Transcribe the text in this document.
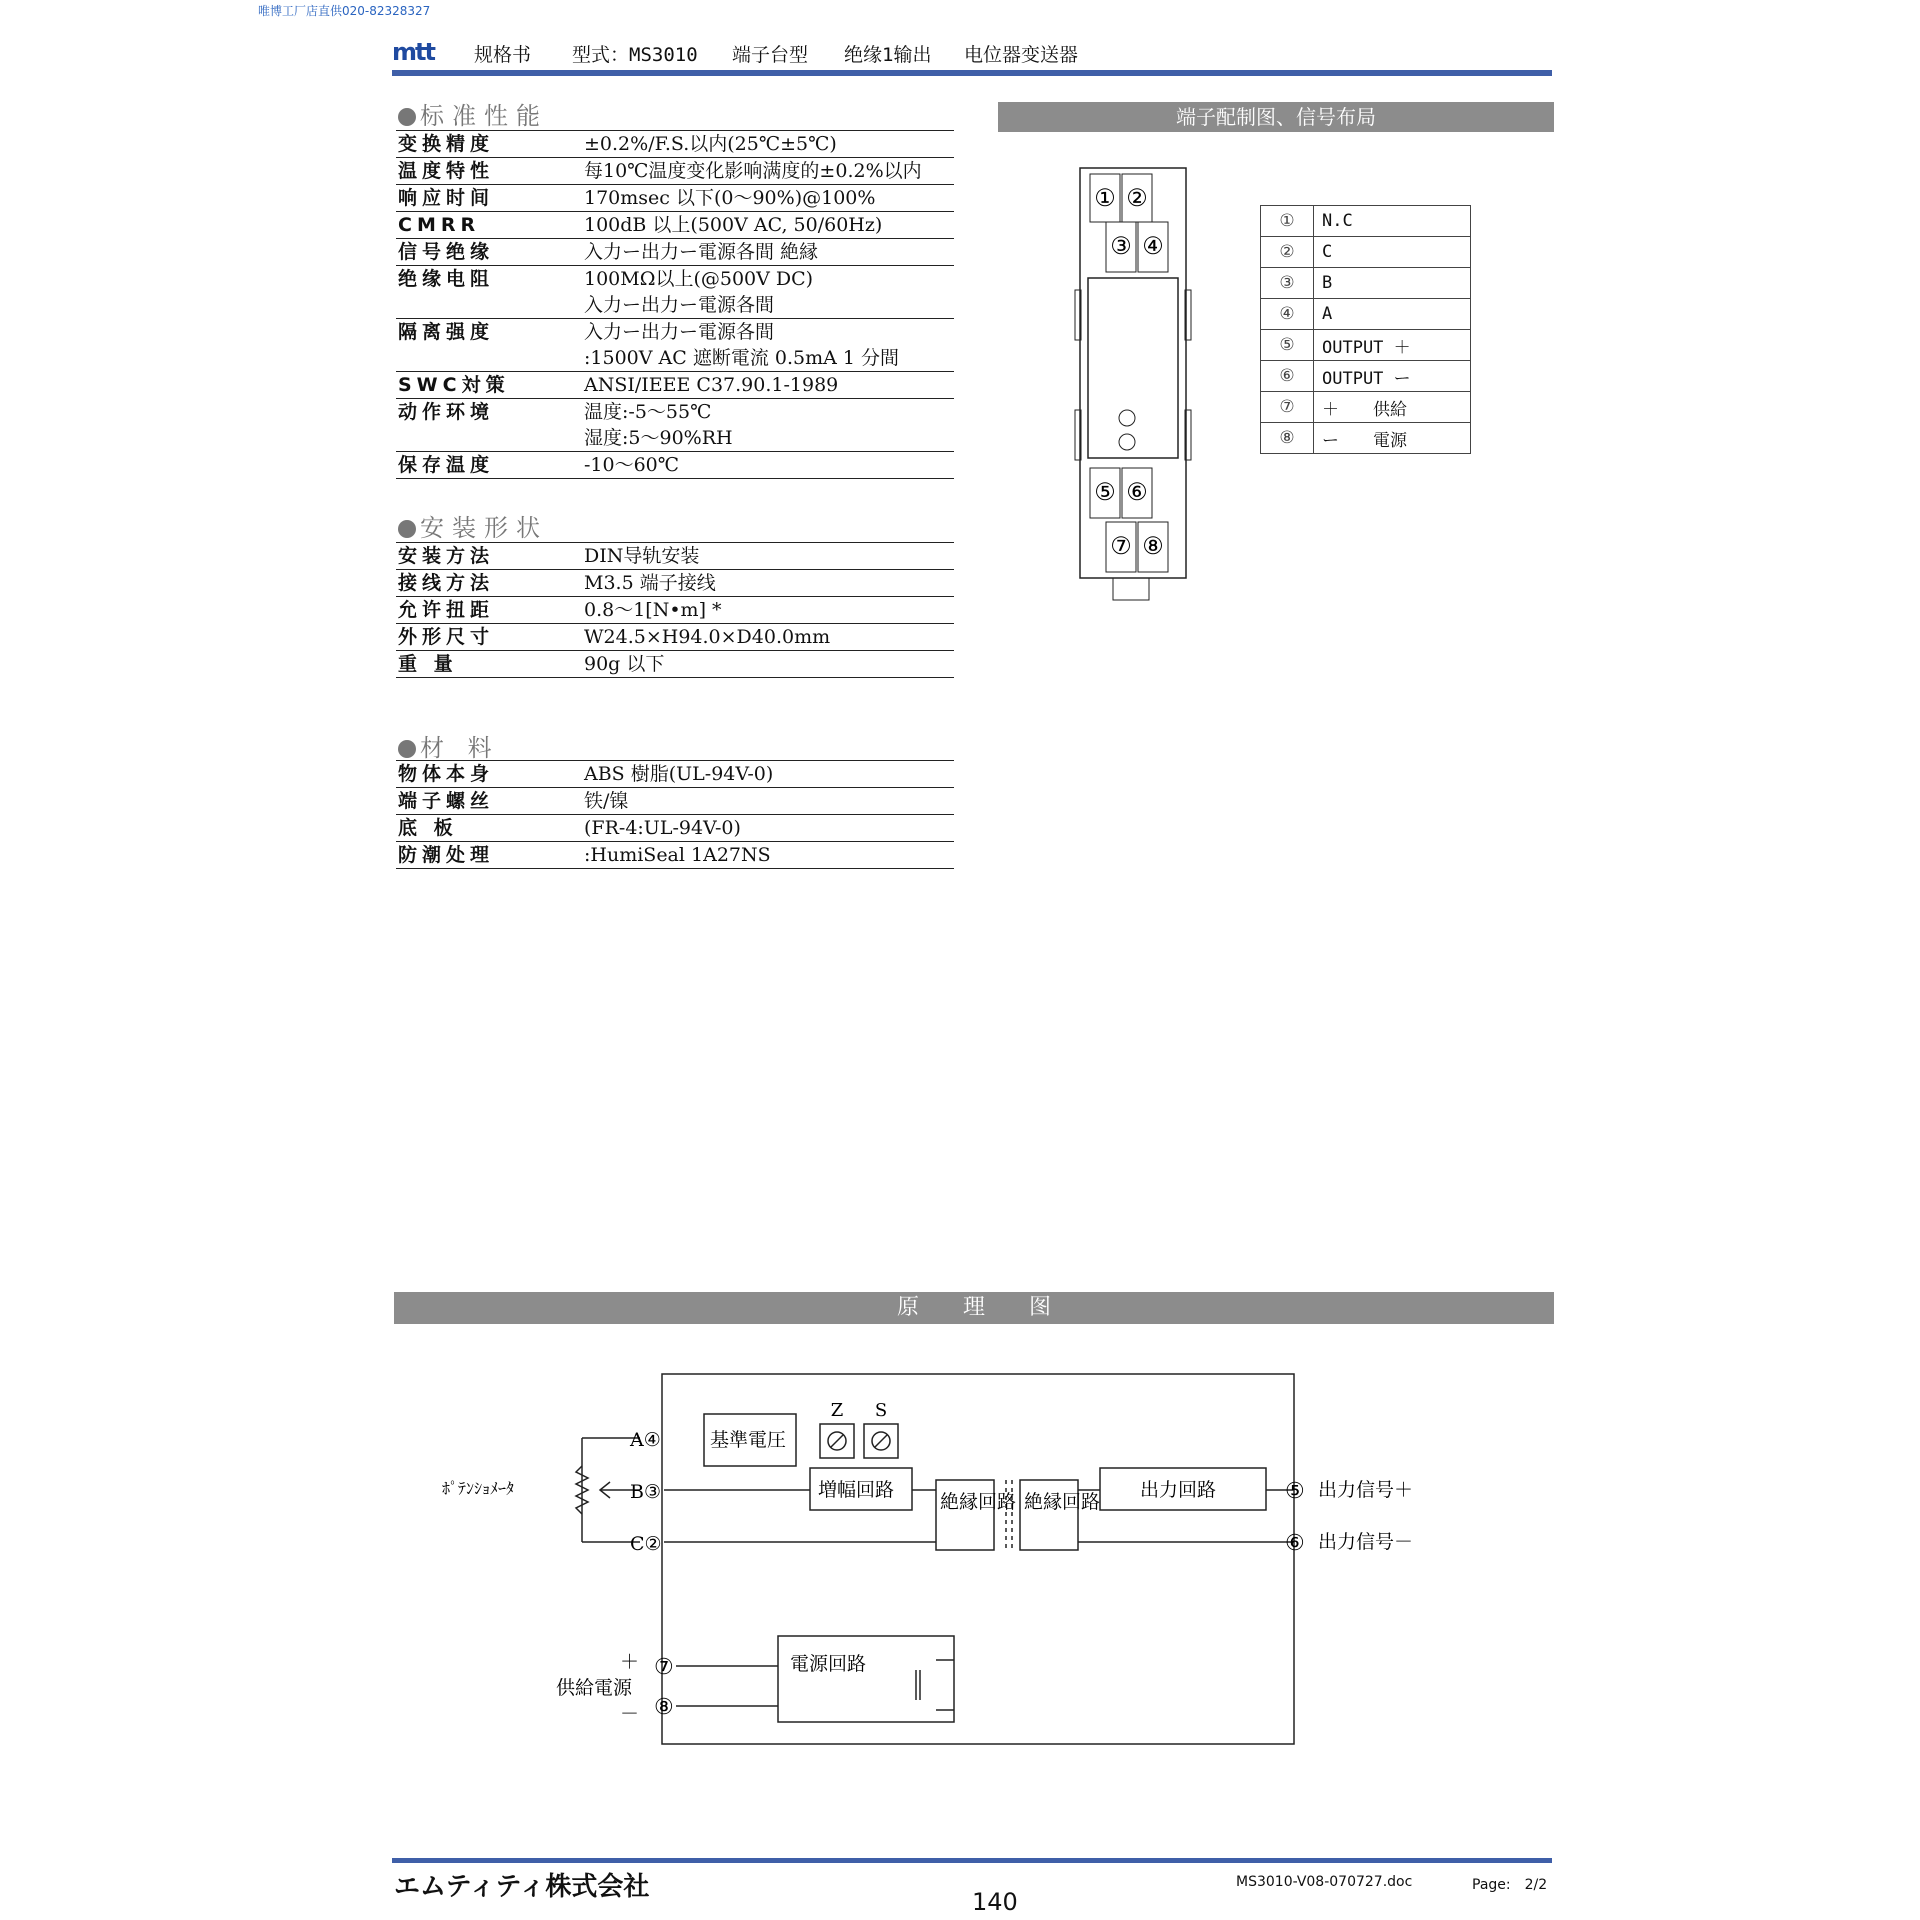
唯博工厂店直供020-82328327
mtt 规格书 型式：MS3010 端子台型 绝缘1输出 电位器变送器
标准性能
变换精度	±0.2%/F.S.以内(25℃±5℃)

温度特性	每10℃温度变化影响满度的±0.2%以内

响应时间	170msec 以下(0～90%)@100%

CMRR	100dB 以上(500V AC, 50/60Hz)

信号绝缘	入力ー出力ー電源各間 絶縁

绝缘电阻	100MΩ以上(@500V DC)
入力ー出力ー電源各間

隔离强度	入力ー出力ー電源各間
:1500V AC 遮断電流 0.5mA 1 分間

SWC対策	ANSI/IEEE C37.90.1-1989

动作环境	温度:-5～55℃
湿度:5～90%RH

保存温度	-10～60℃
安装形状
安装方法	DIN导轨安装

接线方法	M3.5 端子接线

允许扭距	0.8～1[N•m] *

外形尺寸	W24.5×H94.0×D40.0mm

重 量	90g 以下
材 料
物体本身	ABS 樹脂(UL-94V-0)

端子螺丝	铁/镍

底 板	(FR-4:UL-94V-0)

防潮处理	:HumiSeal 1A27NS
端子配制图、信号布局
① ②
③ ④
⑤ ⑥
⑦ ⑧
①	N.C
②	C
③	B
④	A
⑤	OUTPUT ＋
⑥	OUTPUT ー
⑦	＋　　供給
⑧	ー　　電源
原　　理　　图
Z S
基準電圧
増幅回路
絶縁回路 絶縁回路
出力回路
電源回路
A④
B③
C②
ﾎﾟﾃﾝｼｮﾒｰﾀ	⑤
⑥
出力信号＋
出力信号－
＋
－
⑦
⑧
供給電源
エムティティ株式会社	MS3010-V08-070727.doc	Page:　2/2
140
